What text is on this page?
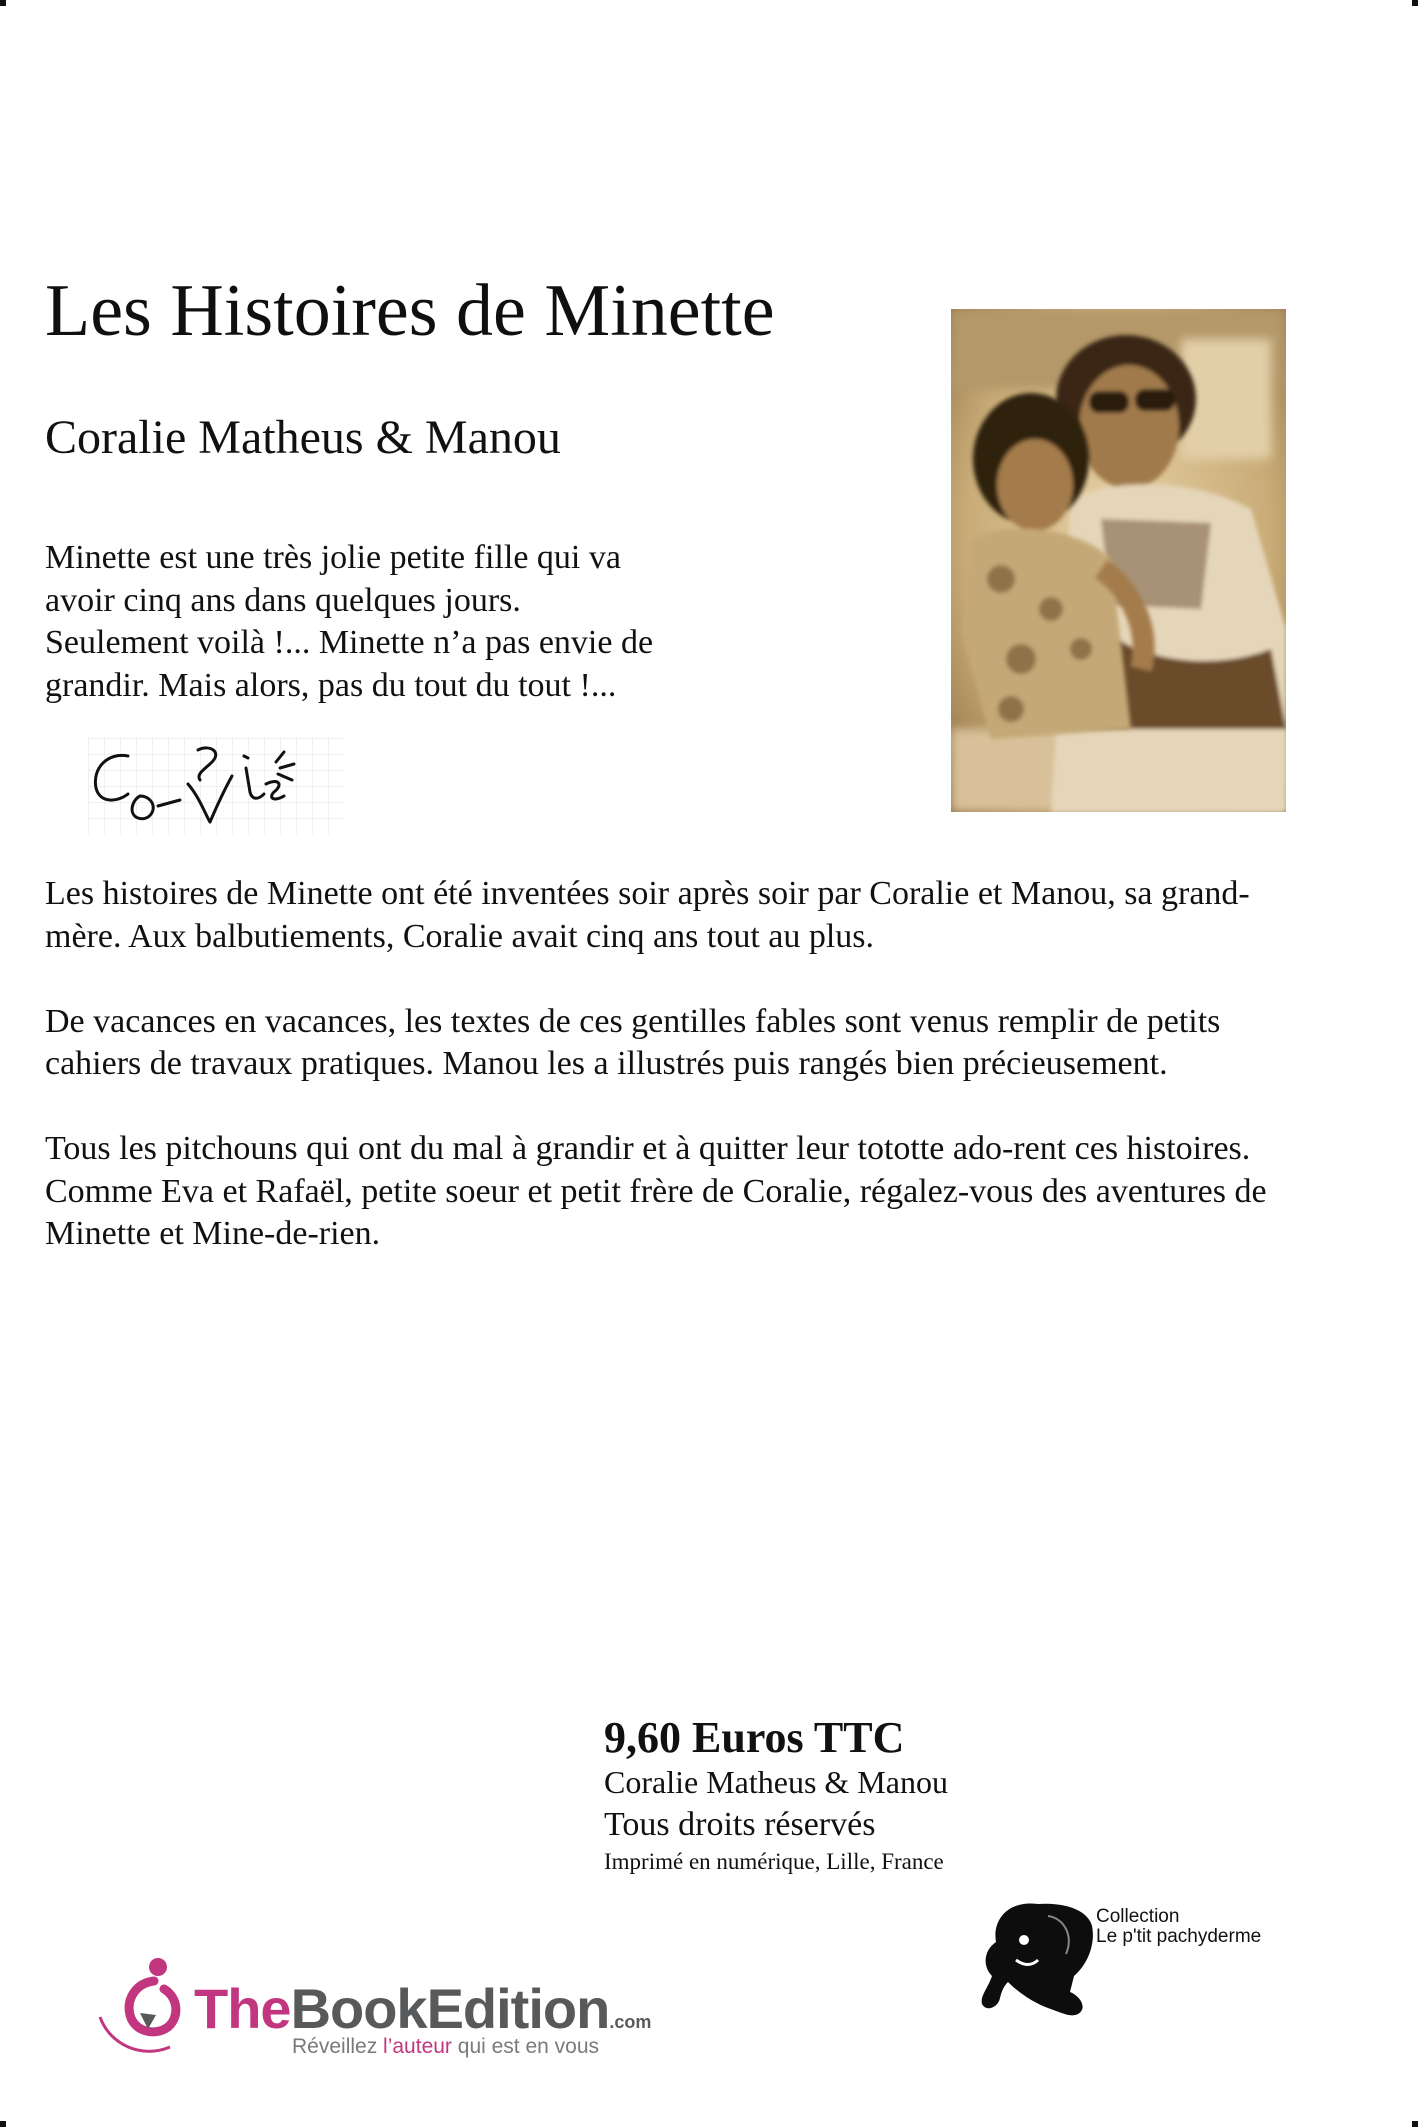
Les Histoires de Minette
Coralie Matheus & Manou

Minette est une très jolie petite fille qui va

avoir cinq ans dans quelques jours.

Seulement voilà !... Minette n’a pas envie de

grandir. Mais alors, pas du tout du tout !...

Les histoires de Minette ont été inventées soir après soir par Coralie et Manou, sa grand-mère. Aux balbutiements, Coralie avait cinq ans tout au plus.

De vacances en vacances, les textes de ces gentilles fables sont venus remplir de petits cahiers de travaux pratiques. Manou les a illustrés puis rangés bien précieusement.

Tous les pitchouns qui ont du mal à grandir et à quitter leur tototte ado-rent ces histoires.

Comme Eva et Rafaël, petite soeur et petit frère de Coralie, régalez-vous des aventures de Minette et Mine-de-rien.

9,60 Euros TTC
Coralie Matheus & Manou
Tous droits réservés
Imprimé en numérique, Lille, France
TheBookEdition.com
Réveillez l’auteur qui est en vous
Collection
Le p'tit pachyderme
